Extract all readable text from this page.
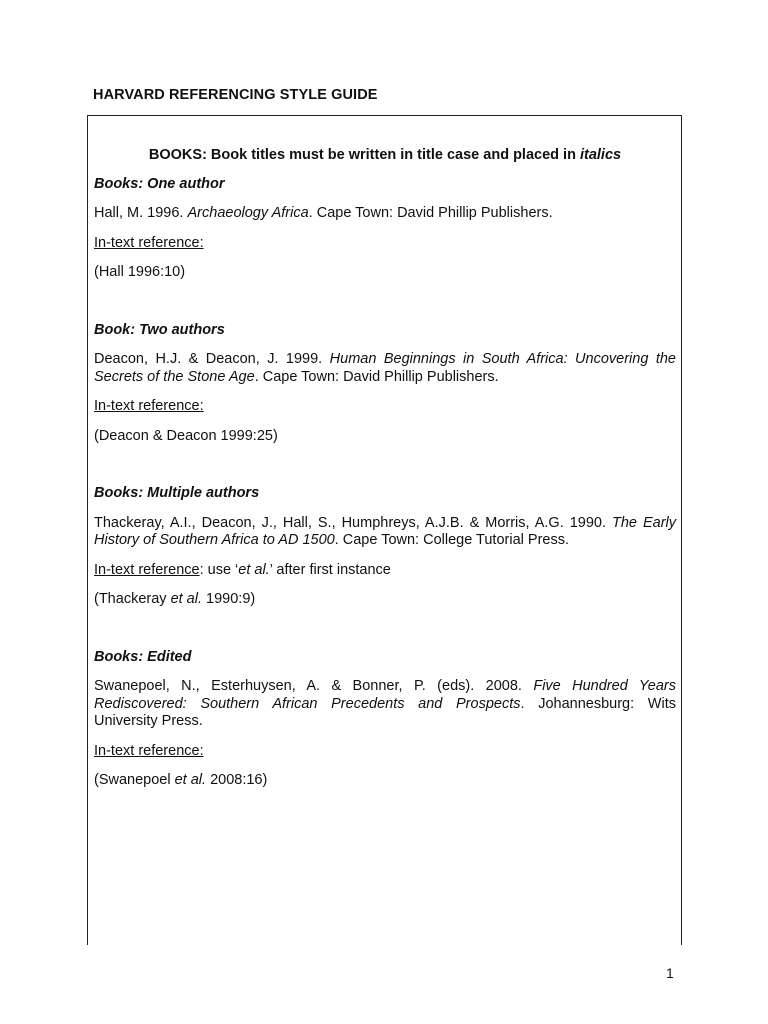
HARVARD REFERENCING STYLE GUIDE

BOOKS: Book titles must be written in title case and placed in italics

Books: One author

Hall, M. 1996. Archaeology Africa. Cape Town: David Phillip Publishers.

In-text reference:

(Hall 1996:10)

Book: Two authors

Deacon, H.J. & Deacon, J. 1999. Human Beginnings in South Africa: Uncovering the Secrets of the Stone Age. Cape Town: David Phillip Publishers.

In-text reference:

(Deacon & Deacon 1999:25)

Books: Multiple authors

Thackeray, A.I., Deacon, J., Hall, S., Humphreys, A.J.B. & Morris, A.G. 1990. The Early History of Southern Africa to AD 1500. Cape Town: College Tutorial Press.

In-text reference: use ‘et al.’ after first instance

(Thackeray et al. 1990:9)

Books: Edited

Swanepoel, N., Esterhuysen, A. & Bonner, P. (eds). 2008. Five Hundred Years Rediscovered: Southern African Precedents and Prospects. Johannesburg: Wits University Press.

In-text reference:

(Swanepoel et al. 2008:16)

1
